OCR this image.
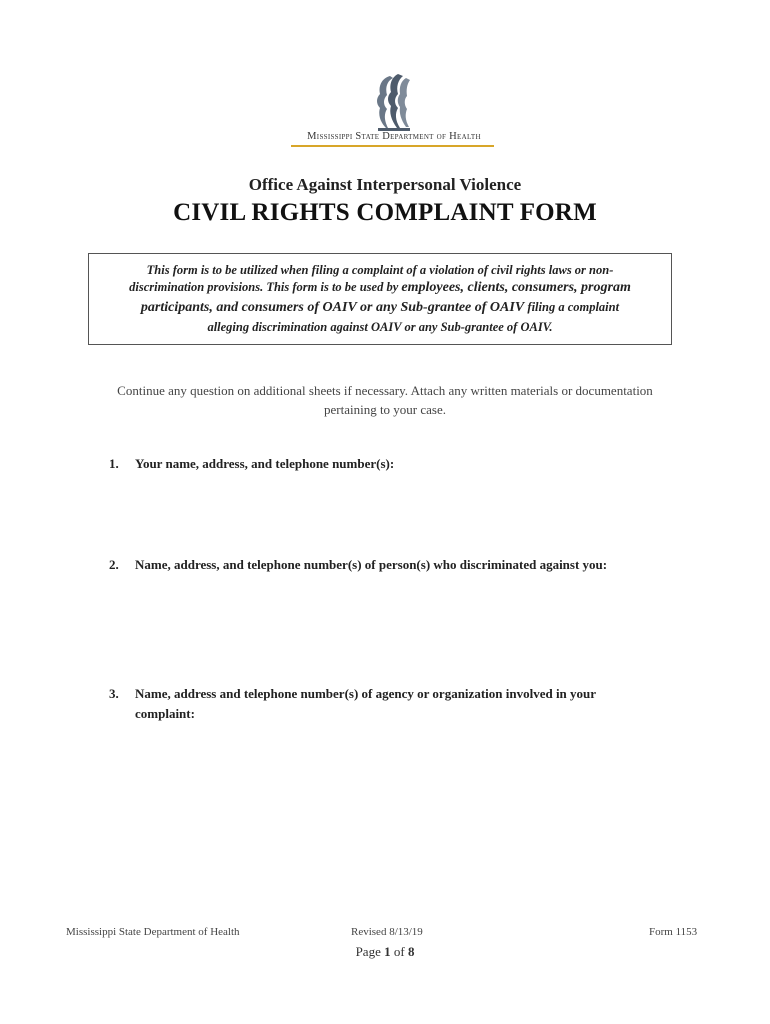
Mississippi State Department of Health
Office Against Interpersonal Violence
CIVIL RIGHTS COMPLAINT FORM
This form is to be utilized when filing a complaint of a violation of civil rights laws or non-
discrimination provisions. This form is to be used by employees, clients, consumers, program
participants, and consumers of OAIV or any Sub-grantee of OAIV filing a complaint
alleging discrimination against OAIV or any Sub-grantee of OAIV.
Continue any question on additional sheets if necessary. Attach any written materials or documentation
pertaining to your case.
1. Your name, address, and telephone number(s):
2. Name, address, and telephone number(s) of person(s) who discriminated against you:
3. Name, address and telephone number(s) of agency or organization involved in your
complaint:
Mississippi State Department of Health	Revised 8/13/19	Form 1153
Page 1 of 8
